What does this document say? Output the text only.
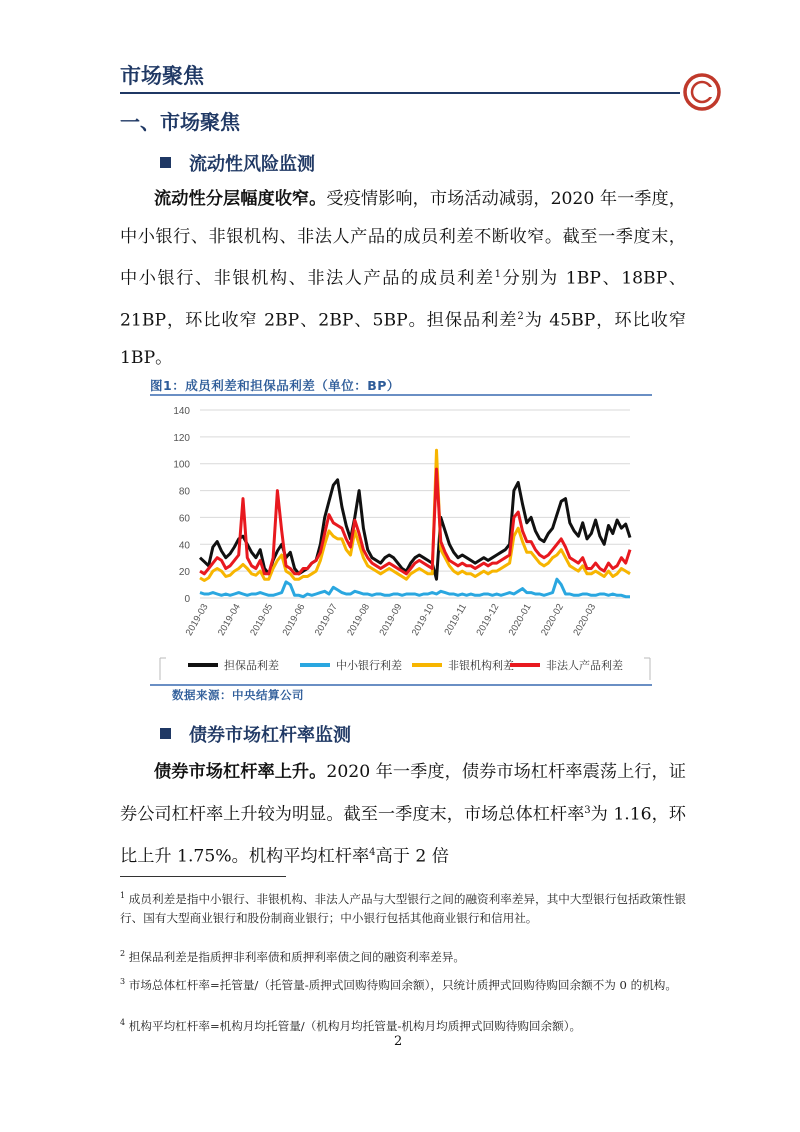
市场聚焦
一、市场聚焦
流动性风险监测
流动性分层幅度收窄。受疫情影响，市场活动减弱，2020 年一季度，中小银行、非银机构、非法人产品的成员利差不断收窄。截至一季度末，中小银行、非银机构、非法人产品的成员利差$^1$分别为 1BP、18BP、21BP，环比收窄 2BP、2BP、5BP。担保品利差$^2$为 45BP，环比收窄 1BP。
图1：成员利差和担保品利差（单位：BP）
0
20
40
60
80
100
120
140
2019-03 2019-04 2019-05 2019-06 2019-07 2019-08 2019-09 2019-10 2019-11 2019-12 2020-01 2020-02 2020-03
担保品利差	中小银行利差	非银机构利差	非法人产品利差
数据来源：中央结算公司
债券市场杠杆率监测
债券市场杠杆率上升。2020 年一季度，债券市场杠杆率震荡上行，证券公司杠杆率上升较为明显。截至一季度末，市场总体杠杆率$^3$为 1.16，环比上升 1.75%。机构平均杠杆率$^4$高于 2 倍
$^1$ 成员利差是指中小银行、非银机构、非法人产品与大型银行之间的融资利率差异，其中大型银行包括政策性银行、国有大型商业银行和股份制商业银行；中小银行包括其他商业银行和信用社。
$^2$ 担保品利差是指质押非利率债和质押利率债之间的融资利率差异。
$^3$ 市场总体杠杆率=托管量/（托管量-质押式回购待购回余额），只统计质押式回购待购回余额不为 0 的机构。
$^4$ 机构平均杠杆率=机构月均托管量/（机构月均托管量-机构月均质押式回购待购回余额）。
2
